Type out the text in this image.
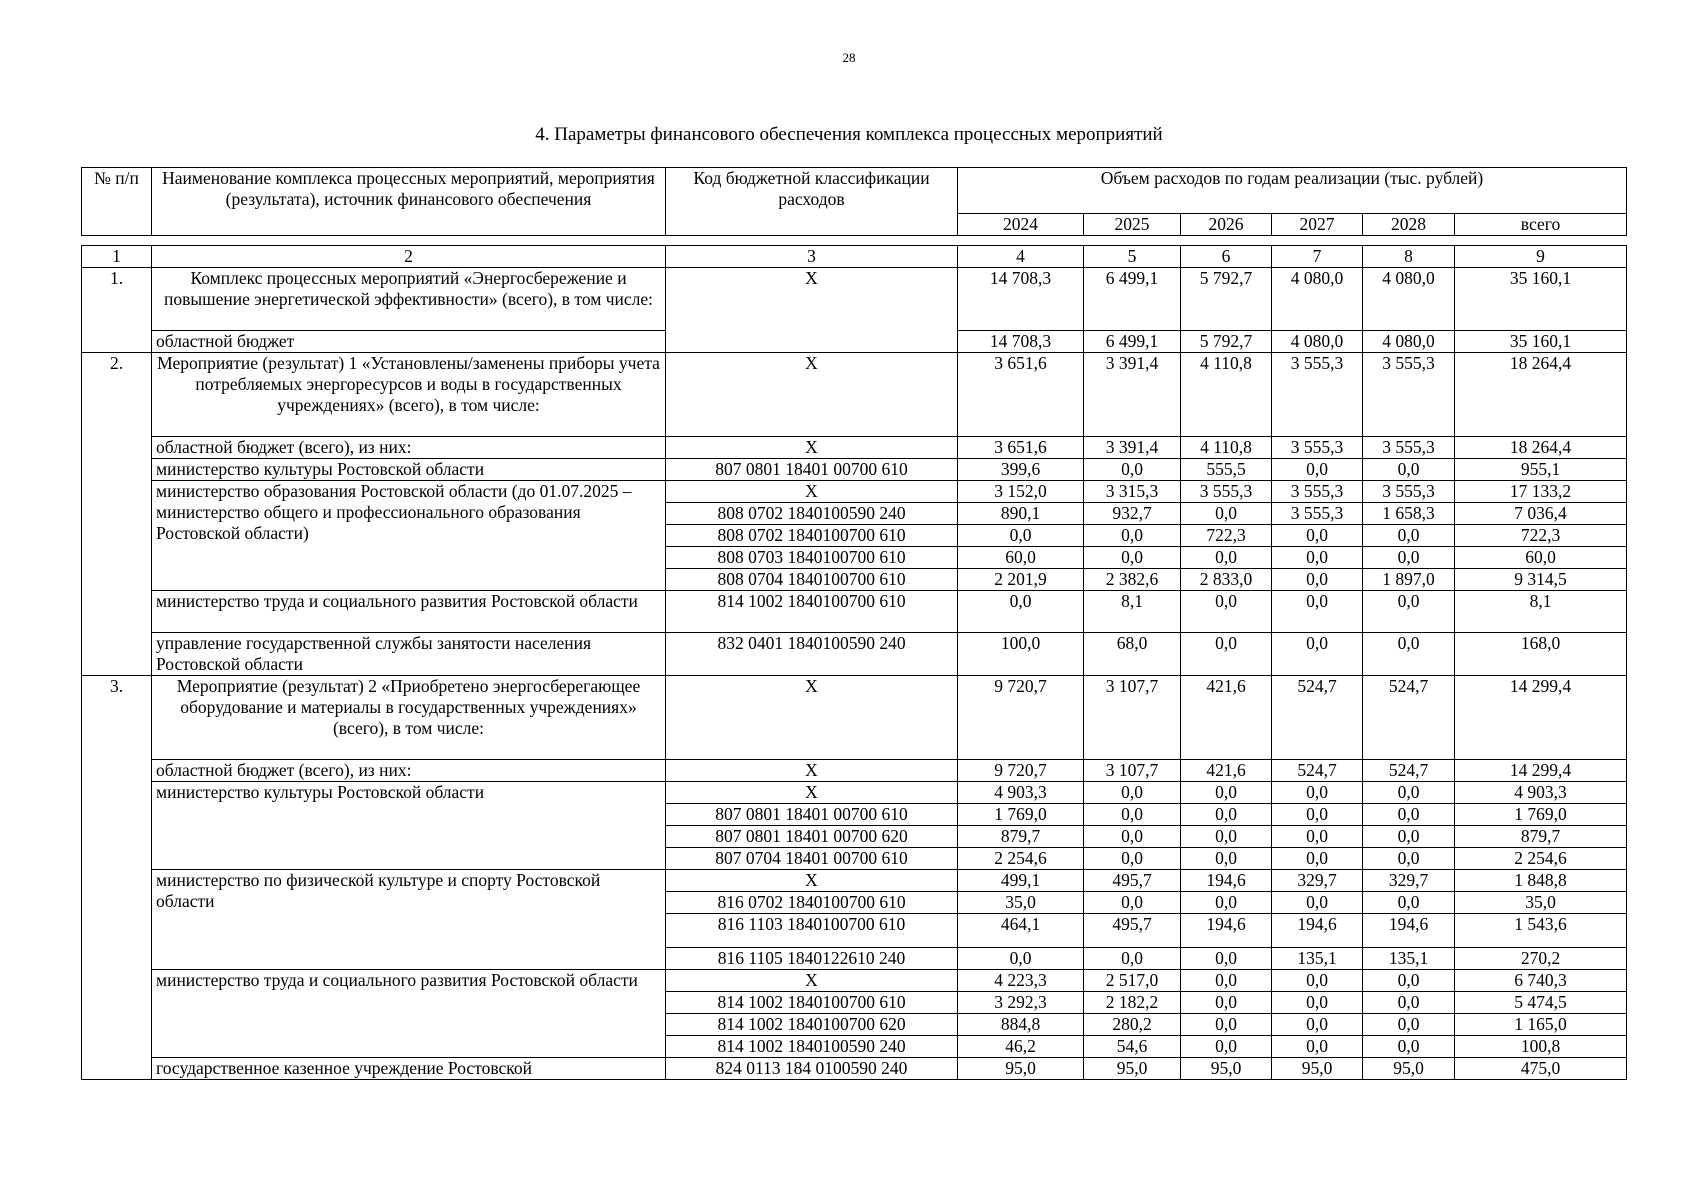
28
4. Параметры финансового обеспечения комплекса процессных мероприятий
№ п/п	Наименование комплекса процессных мероприятий, мероприятия (результата), источник финансового обеспечения	Код бюджетной классификации расходов	Объем расходов по годам реализации (тыс. рублей)					
			2024	2025	2026	2027	2028	всего
1	2	3	4	5	6	7	8	9
1.	Комплекс процессных мероприятий «Энергосбережение и повышение энергетической эффективности» (всего), в том числе:	X	14 708,3	6 499,1	5 792,7	4 080,0	4 080,0	35 160,1
	областной бюджет		14 708,3	6 499,1	5 792,7	4 080,0	4 080,0	35 160,1
2.	Мероприятие (результат) 1 «Установлены/заменены приборы учета потребляемых энергоресурсов и воды в государственных учреждениях» (всего), в том числе:	X	3 651,6	3 391,4	4 110,8	3 555,3	3 555,3	18 264,4
	областной бюджет (всего), из них:	X	3 651,6	3 391,4	4 110,8	3 555,3	3 555,3	18 264,4
	министерство культуры Ростовской области	807 0801 18401 00700 610	399,6	0,0	555,5	0,0	0,0	955,1
	министерство образования Ростовской области (до 01.07.2025 – министерство общего и профессионального образования Ростовской области)	X	3 152,0	3 315,3	3 555,3	3 555,3	3 555,3	17 133,2
		808 0702 1840100590 240	890,1	932,7	0,0	3 555,3	1 658,3	7 036,4
		808 0702 1840100700 610	0,0	0,0	722,3	0,0	0,0	722,3
		808 0703 1840100700 610	60,0	0,0	0,0	0,0	0,0	60,0
		808 0704 1840100700 610	2 201,9	2 382,6	2 833,0	0,0	1 897,0	9 314,5
	министерство труда и социального развития Ростовской области	814 1002 1840100700 610	0,0	8,1	0,0	0,0	0,0	8,1
	управление государственной службы занятости населения Ростовской области	832 0401 1840100590 240	100,0	68,0	0,0	0,0	0,0	168,0
3.	Мероприятие (результат) 2 «Приобретено энергосберегающее оборудование и материалы в государственных учреждениях» (всего), в том числе:	X	9 720,7	3 107,7	421,6	524,7	524,7	14 299,4
	областной бюджет (всего), из них:	X	9 720,7	3 107,7	421,6	524,7	524,7	14 299,4
	министерство культуры Ростовской области	X	4 903,3	0,0	0,0	0,0	0,0	4 903,3
		807 0801 18401 00700 610	1 769,0	0,0	0,0	0,0	0,0	1 769,0
		807 0801 18401 00700 620	879,7	0,0	0,0	0,0	0,0	879,7
		807 0704 18401 00700 610	2 254,6	0,0	0,0	0,0	0,0	2 254,6
	министерство по физической культуре и спорту Ростовской области	X	499,1	495,7	194,6	329,7	329,7	1 848,8
		816 0702 1840100700 610	35,0	0,0	0,0	0,0	0,0	35,0
		816 1103 1840100700 610	464,1	495,7	194,6	194,6	194,6	1 543,6
		816 1105 1840122610 240	0,0	0,0	0,0	135,1	135,1	270,2
	министерство труда и социального развития Ростовской области	X	4 223,3	2 517,0	0,0	0,0	0,0	6 740,3
		814 1002 1840100700 610	3 292,3	2 182,2	0,0	0,0	0,0	5 474,5
		814 1002 1840100700 620	884,8	280,2	0,0	0,0	0,0	1 165,0
		814 1002 1840100590 240	46,2	54,6	0,0	0,0	0,0	100,8
	государственное казенное учреждение Ростовской	824 0113 184 0100590 240	95,0	95,0	95,0	95,0	95,0	475,0
